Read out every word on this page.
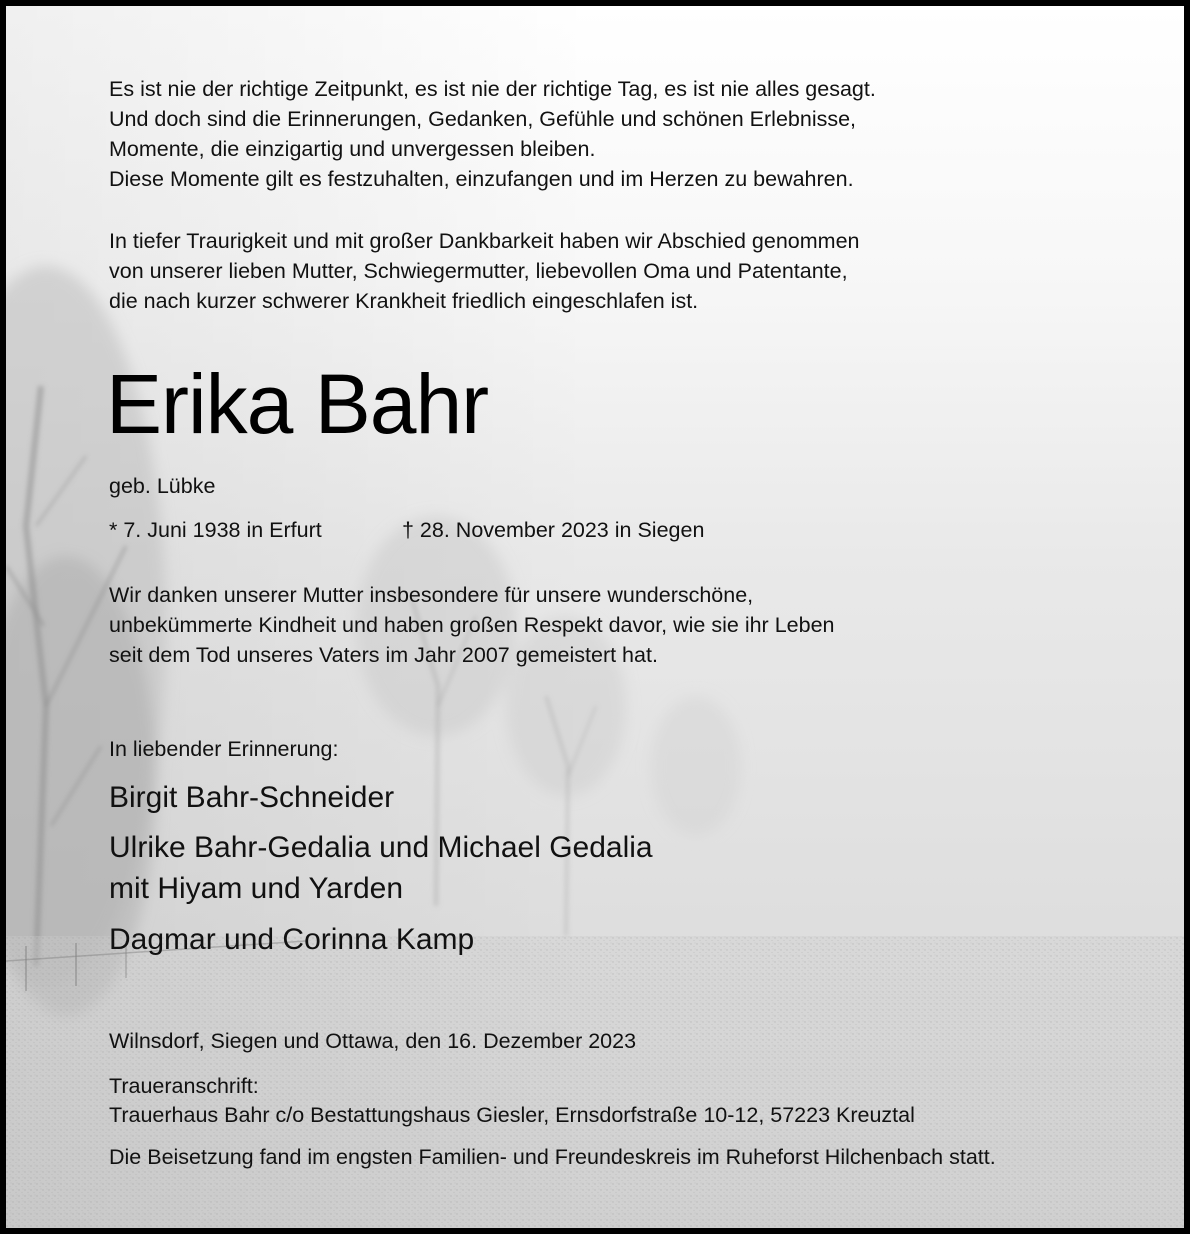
Es ist nie der richtige Zeitpunkt, es ist nie der richtige Tag, es ist nie alles gesagt.
Und doch sind die Erinnerungen, Gedanken, Gefühle und schönen Erlebnisse,
Momente, die einzigartig und unvergessen bleiben.
Diese Momente gilt es festzuhalten, einzufangen und im Herzen zu bewahren.
In tiefer Traurigkeit und mit großer Dankbarkeit haben wir Abschied genommen
von unserer lieben Mutter, Schwiegermutter, liebevollen Oma und Patentante,
die nach kurzer schwerer Krankheit friedlich eingeschlafen ist.
Erika Bahr
geb. Lübke
* 7. Juni 1938 in Erfurt	† 28. November 2023 in Siegen
Wir danken unserer Mutter insbesondere für unsere wunderschöne,
unbekümmerte Kindheit und haben großen Respekt davor, wie sie ihr Leben
seit dem Tod unseres Vaters im Jahr 2007 gemeistert hat.
In liebender Erinnerung:
Birgit Bahr-Schneider
Ulrike Bahr-Gedalia und Michael Gedalia
mit Hiyam und Yarden
Dagmar und Corinna Kamp
Wilnsdorf, Siegen und Ottawa, den 16. Dezember 2023
Traueranschrift:
Trauerhaus Bahr c/o Bestattungshaus Giesler, Ernsdorfstraße 10-12, 57223 Kreuztal
Die Beisetzung fand im engsten Familien- und Freundeskreis im Ruheforst Hilchenbach statt.
